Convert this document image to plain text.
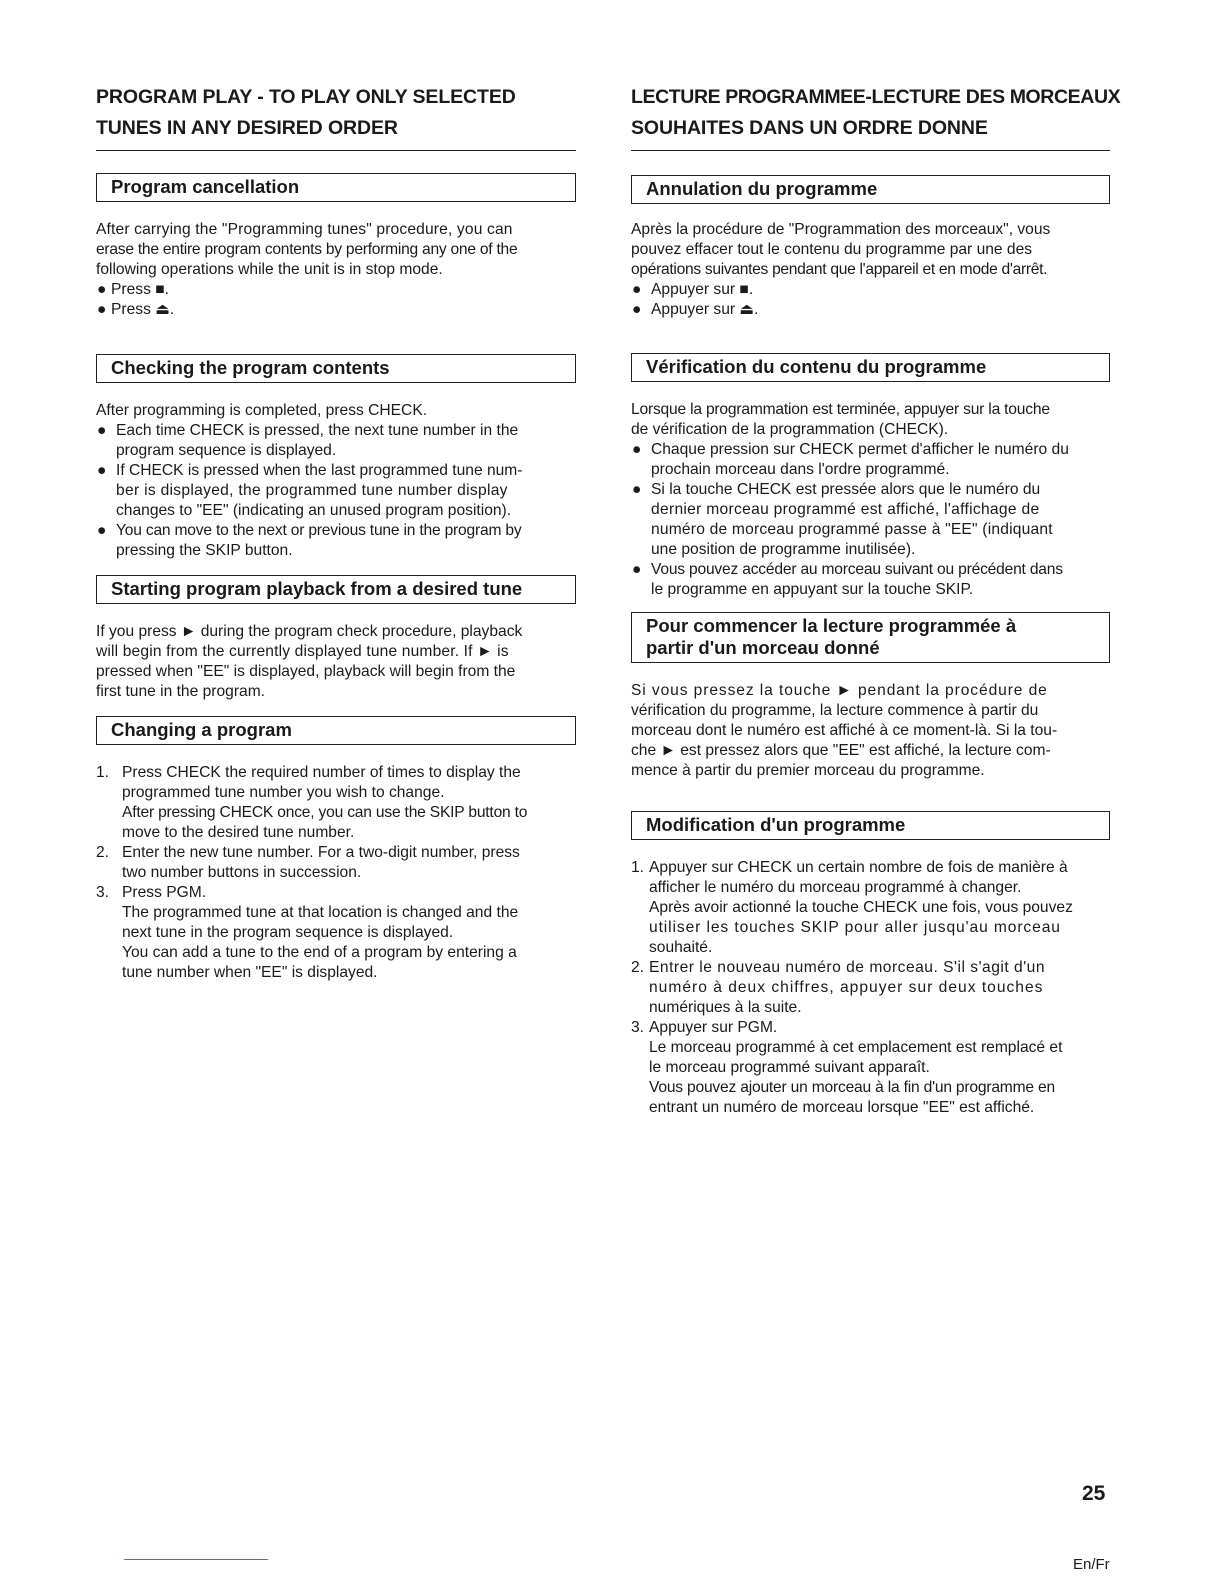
PROGRAM PLAY - TO PLAY ONLY SELECTED
TUNES IN ANY DESIRED ORDER
Program cancellation
After carrying the "Programming tunes" procedure, you can
erase the entire program contents by performing any one of the
following operations while the unit is in stop mode.
● Press ■.
● Press ⏏.
Checking the program contents
After programming is completed, press CHECK.
● Each time CHECK is pressed, the next tune number in the
program sequence is displayed.
● If CHECK is pressed when the last programmed tune num-
ber is displayed, the programmed tune number display
changes to "EE" (indicating an unused program position).
● You can move to the next or previous tune in the program by
pressing the SKIP button.
Starting program playback from a desired tune
If you press ► during the program check procedure, playback
will begin from the currently displayed tune number. If ► is
pressed when "EE" is displayed, playback will begin from the
first tune in the program.
Changing a program
1. Press CHECK the required number of times to display the
programmed tune number you wish to change.
After pressing CHECK once, you can use the SKIP button to
move to the desired tune number.
2. Enter the new tune number. For a two-digit number, press
two number buttons in succession.
3. Press PGM.
The programmed tune at that location is changed and the
next tune in the program sequence is displayed.
You can add a tune to the end of a program by entering a
tune number when "EE" is displayed.
LECTURE PROGRAMMEE-LECTURE DES MORCEAUX
SOUHAITES DANS UN ORDRE DONNE
Annulation du programme
Après la procédure de "Programmation des morceaux", vous
pouvez effacer tout le contenu du programme par une des
opérations suivantes pendant que l'appareil et en mode d'arrêt.
● Appuyer sur ■.
● Appuyer sur ⏏.
Vérification du contenu du programme
Lorsque la programmation est terminée, appuyer sur la touche
de vérification de la programmation (CHECK).
● Chaque pression sur CHECK permet d'afficher le numéro du
prochain morceau dans l'ordre programmé.
● Si la touche CHECK est pressée alors que le numéro du
dernier morceau programmé est affiché, l'affichage de
numéro de morceau programmé passe à "EE" (indiquant
une position de programme inutilisée).
● Vous pouvez accéder au morceau suivant ou précédent dans
le programme en appuyant sur la touche SKIP.
Pour commencer la lecture programmée à
partir d'un morceau donné
Si vous pressez la touche ► pendant la procédure de
vérification du programme, la lecture commence à partir du
morceau dont le numéro est affiché à ce moment-là. Si la tou-
che ► est pressez alors que "EE" est affiché, la lecture com-
mence à partir du premier morceau du programme.
Modification d'un programme
1. Appuyer sur CHECK un certain nombre de fois de manière à
afficher le numéro du morceau programmé à changer.
Après avoir actionné la touche CHECK une fois, vous pouvez
utiliser les touches SKIP pour aller jusqu'au morceau
souhaité.
2. Entrer le nouveau numéro de morceau. S'il s'agit d'un
numéro à deux chiffres, appuyer sur deux touches
numériques à la suite.
3. Appuyer sur PGM.
Le morceau programmé à cet emplacement est remplacé et
le morceau programmé suivant apparaît.
Vous pouvez ajouter un morceau à la fin d'un programme en
entrant un numéro de morceau lorsque "EE" est affiché.
25
En/Fr
